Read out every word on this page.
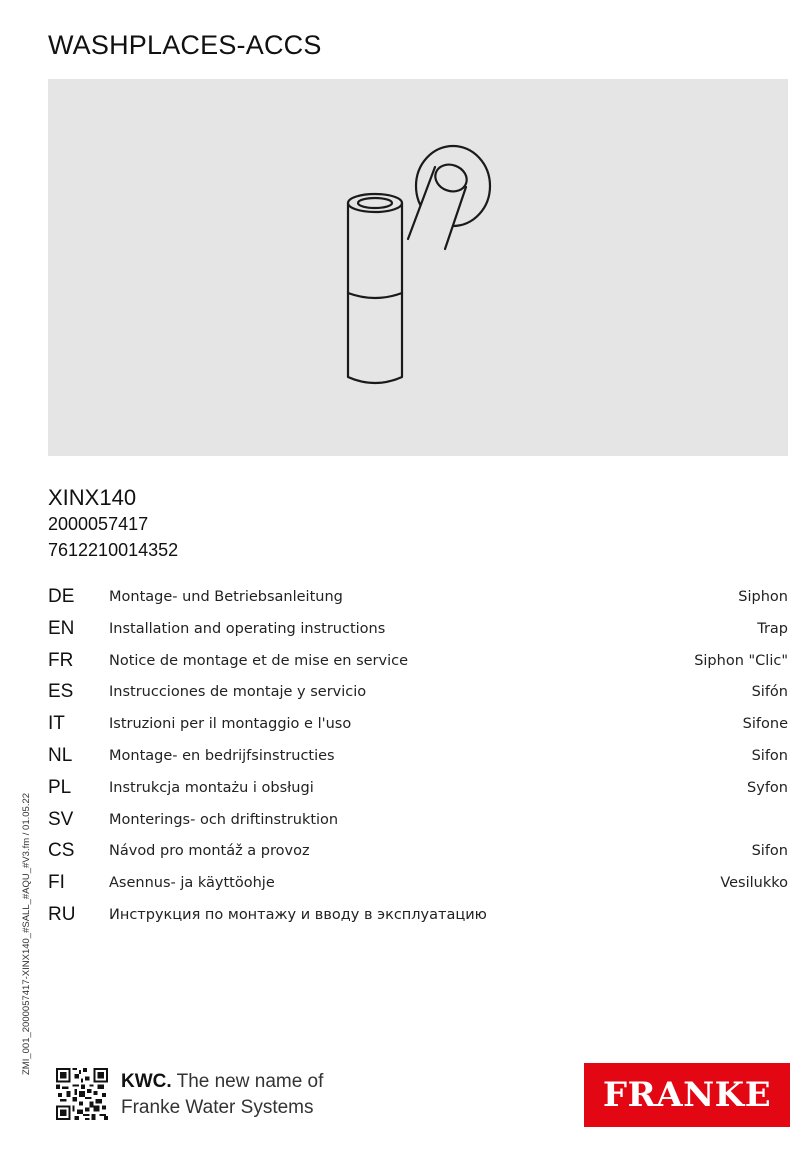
WASHPLACES-ACCS
XINX140
2000057417
7612210014352
DE Montage- und Betriebsanleitung	Siphon
EN Installation and operating instructions	Trap
FR Notice de montage et de mise en service	Siphon "Clic"
ES Instrucciones de montaje y servicio	Sifón
IT	Istruzioni per il montaggio e l'uso	Sifone
NL	Montage- en bedrijfsinstructies	Sifon
PL	Instrukcja montażu i obsługi	Syfon
SV Monterings- och driftinstruktion
CS Návod pro montáž a provoz	Sifon
FI	Asennus- ja käyttöohje	Vesilukko
RU Инструкция по монтажу и вводу в эксплуатацию
ZMI_001_2000057417-XINX140_#SALL_#AQU_#V3.fm / 01.05.22
KWC. The new name of
Franke Water Systems	FRANKE
